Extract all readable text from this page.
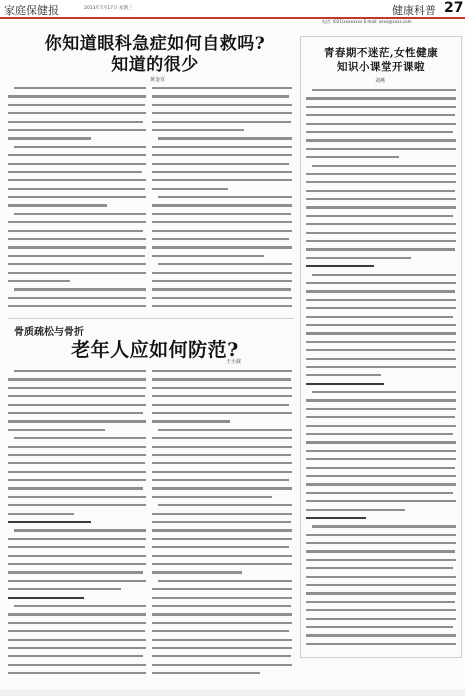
家庭保健报	2013年7月17日 星期三	健康科普 27
电话: (021)xxxxxxxx E-mail: xxxx@xxxx.com
你知道眼科急症如何自救吗?
知道的很少
黄金宜

骨质疏松与骨折
老年人应如何防范?
王小波

青春期不迷茫,女性健康
知识小课堂开课啦
刘燕
